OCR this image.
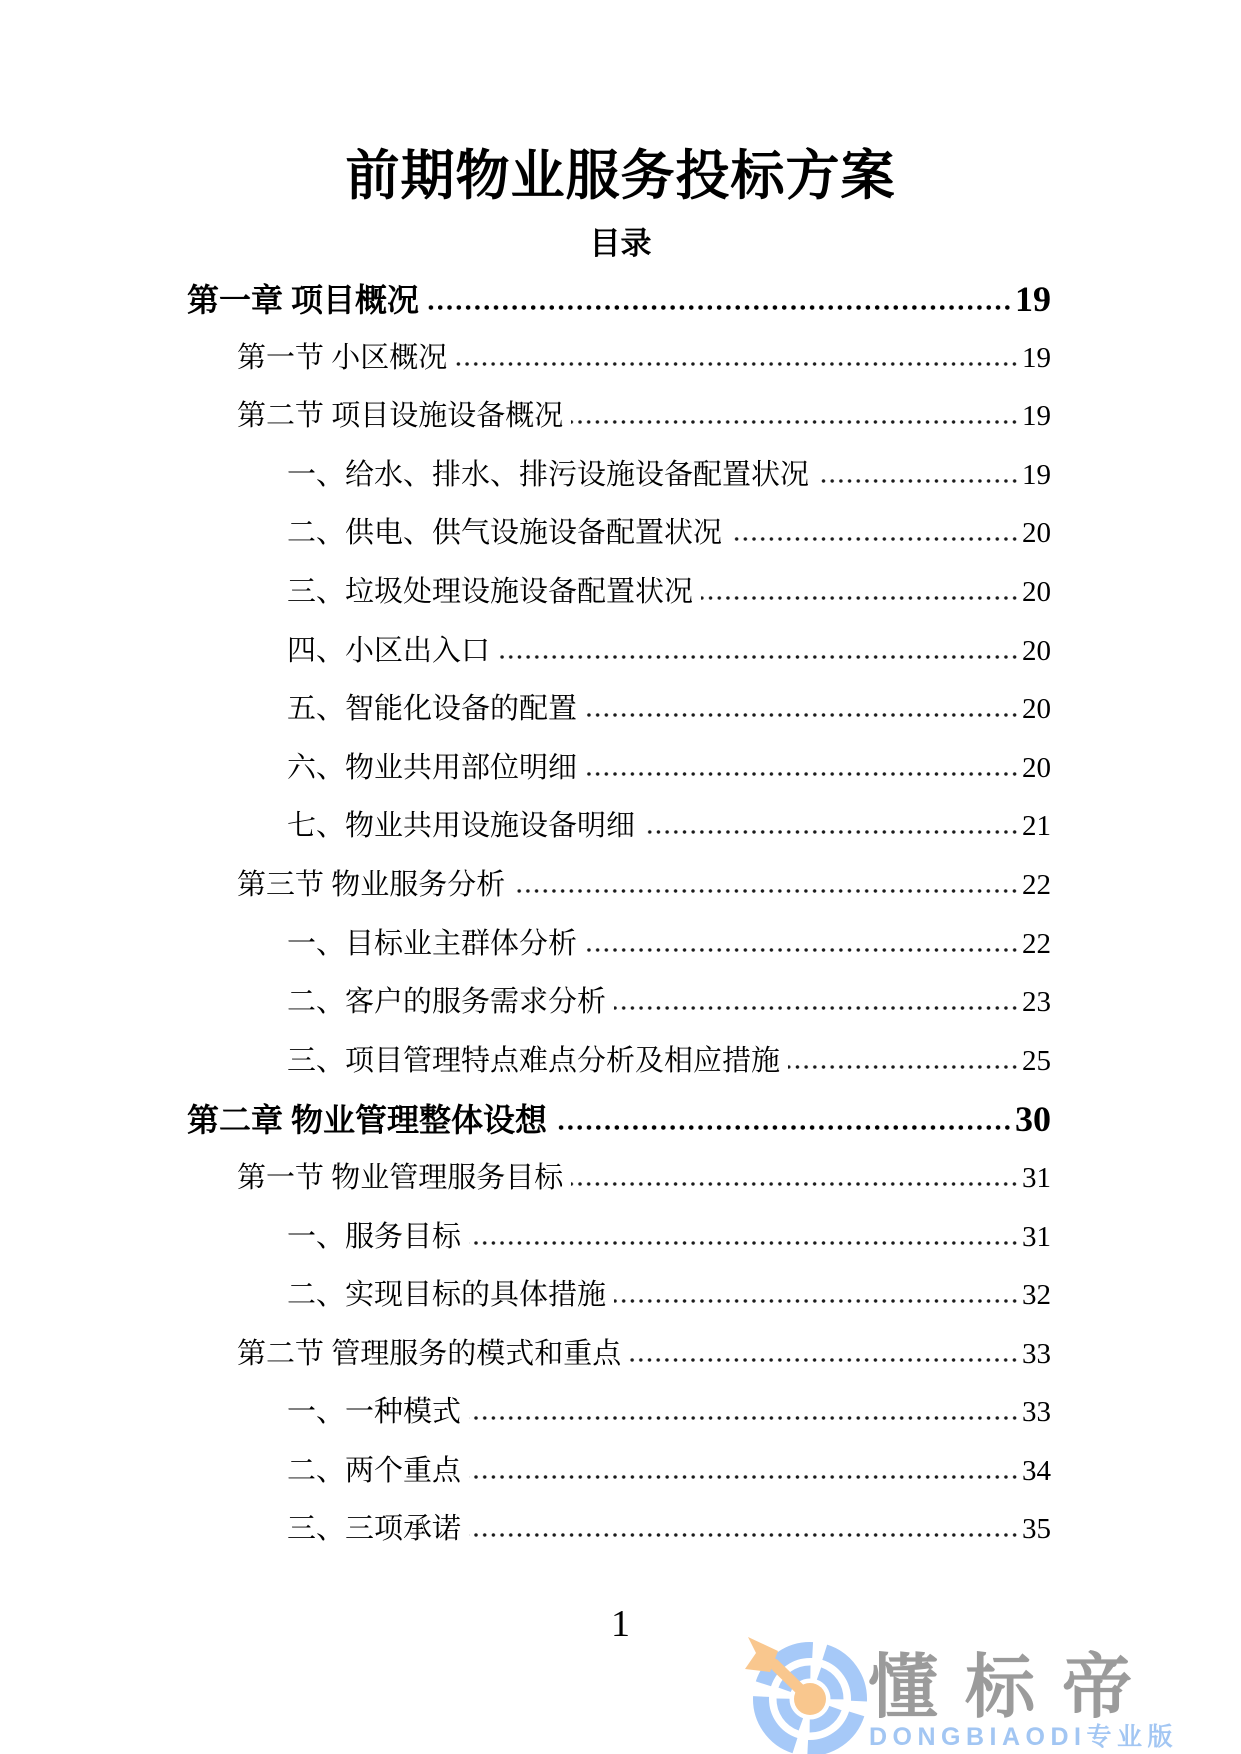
前期物业服务投标方案
目录
第一章 项目概况	19
第一节 小区概况	19
第二节 项目设施设备概况	19
一、给水、排水、排污设施设备配置状况	19
二、供电、供气设施设备配置状况	20
三、垃圾处理设施设备配置状况	20
四、小区出入口	20
五、智能化设备的配置	20
六、物业共用部位明细	20
七、物业共用设施设备明细	21
第三节 物业服务分析	22
一、目标业主群体分析	22
二、客户的服务需求分析	23
三、项目管理特点难点分析及相应措施	25
第二章 物业管理整体设想	30
第一节 物业管理服务目标	31
一、服务目标	31
二、实现目标的具体措施	32
第二节 管理服务的模式和重点	33
一、一种模式	33
二、两个重点	34
三、三项承诺	35
1
懂标帝
DONGBIAODI专业版
